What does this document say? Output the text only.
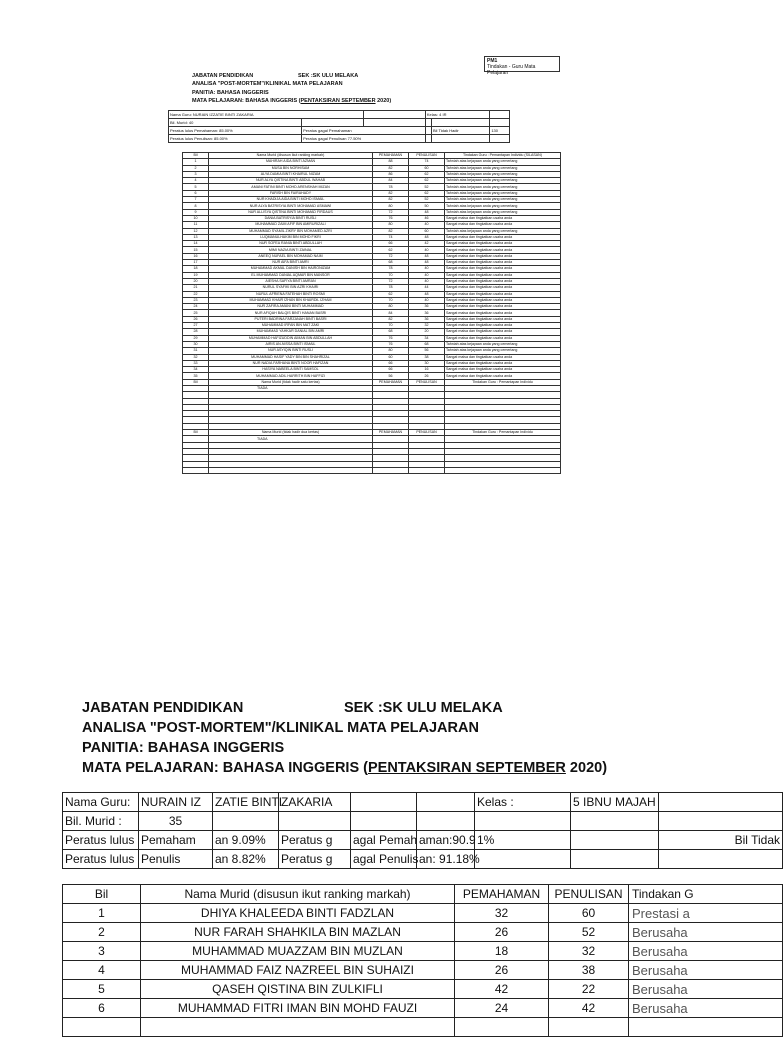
PM1
Tindakan - Guru Mata Pelajaran
JABATAN PENDIDIKAN	SEK :SK ULU MELAKA
ANALISA "POST-MORTEM"/KLINIKAL MATA PELAJARAN
PANITIA: BAHASA INGGERIS
MATA PELAJARAN: BAHASA INGGERIS (PENTAKSIRAN SEPTEMBER 2020)
Nama Guru: NURAIN IZZATIE BINTI ZAKARIA			Kelas: 4 IR		
Bil. Murid: 40					
Peratus lulus Pemahaman: 85.00%	Peratus gagal Pemahaman			Bil Tidak Hadir	130
Peratus lulus Penulisan: 85.00%	Peratus gagal Penulisan 77.50%				
Bil	Nama Murid (disusun ikut ranking markah)	PEMAHAMAN	PENULISAN	Tindakan Guru : Pemantapan Individu (SILASAN)
1	MAHIRAH AIDA BINTI AZMAN	88	74	Tahniah atas kejayaan anda yang cemerlang
2	MUSA BIN NORHISAM	82	60	Tahniah atas kejayaan anda yang cemerlang
3	ALYA DAMIA BINTI KHAIRUL NIZAM	86	62	Tahniah atas kejayaan anda yang cemerlang
4	NUR ALYA QISTINA BINTI ABDUL WAHAB	84	62	Tahniah atas kejayaan anda yang cemerlang
5	AMANI FATINI BINTI MOHD ARENSHAH MIZAN	78	52	Tahniah atas kejayaan anda yang cemerlang
6	FARISH BIN FAIRAHADY	82	62	Tahniah atas kejayaan anda yang cemerlang
7	NUR KHADIJA AIDA BINTI MOHD ISMAIL	82	52	Tahniah atas kejayaan anda yang cemerlang
8	NUR ALYA BATRISYIA BINTI MOHAMAD ASMAWI	80	50	Tahniah atas kejayaan anda yang cemerlang
9	NUR ALLISYA QISTINA BINTI MOHAMAD FIRDAUS	72	48	Tahniah atas kejayaan anda yang cemerlang
10	DANIA BATRISYIA BINTI RUSLI	76	46	Sangat maisa dan tingkatkan usaha anda
11	MUHAMMAD ZAIM AFIF BIN AMIRURIZALI	80	40	Sangat maisa dan tingkatkan usaha anda
12	MUHAMMAD SYAMIL ZIKRY BIN MOHAMED AZRI	82	60	Tahniah atas kejayaan anda yang cemerlang
13	LUQMANULHAKIM BIN MOHD FIKRI	74	48	Sangat maisa dan tingkatkan usaha anda
14	NUR SOFEA RANIA BINTI ABDULLAH	66	42	Sangat maisa dan tingkatkan usaha anda
15	MIMI NAZIA BINTI ZAINAL	62	40	Sangat maisa dan tingkatkan usaha anda
16	ANEEQ NUFAEL BIN MOHAMAD NAIM	72	48	Sangat maisa dan tingkatkan usaha anda
17	NUR AIFA BINTI AMRI	68	48	Sangat maisa dan tingkatkan usaha anda
18	MUHAMMAD AKMAL DANISH BIN HAIRONIZAM	78	40	Sangat maisa dan tingkatkan usaha anda
19	EL MUHAMMAD DANIAL AQMAR BIN MANSOR	70	40	Sangat maisa dan tingkatkan usaha anda
20	AIESHA SAFIYA BINTI AMRAN	72	40	Sangat maisa dan tingkatkan usaha anda
21	NURUL SYAFIKI BIN AZRI KHAIRI	78	44	Sangat maisa dan tingkatkan usaha anda
22	NURUL AFRIENA FATEHAH BINTI ROSMI	62	48	Sangat maisa dan tingkatkan usaha anda
23	MUHAMMAD KHAIR IZHAN BIN KHAIRDIL IZHAM	70	40	Sangat maisa dan tingkatkan usaha anda
24	NUR ZAFIRA AMANI BINTI MUHAMMAD	80	36	Sangat maisa dan tingkatkan usaha anda
25	NUR AFIQAH BALQIS BINTI HANAN BASRI	84	36	Sangat maisa dan tingkatkan usaha anda
26	PUTERI BADRINA FARZANAH BINTI BASRI	82	36	Sangat maisa dan tingkatkan usaha anda
27	MUHAMMAD IRFAN BIN MAT ZAKI	70	32	Sangat maisa dan tingkatkan usaha anda
28	MUHAMMAD YAHKAR DANIAL BIN AMRI	68	20	Sangat maisa dan tingkatkan usaha anda
29	MUHAMMAD HAFIZUDDIN AIMAN BIN ABDULLAH	76	34	Sangat maisa dan tingkatkan usaha anda
30	AIRIS AN-NISSA BINTI ISMAIL	76	68	Tahniah atas kejayaan anda yang cemerlang
31	NUR ASYIQIN BINTI RUSLI	80	56	Tahniah atas kejayaan anda yang cemerlang
32	MUHAMMAD HASIF YADY BIN BIN SHAHRIZAL	60	38	Sangat maisa dan tingkatkan usaha anda
33	NUR NADIA FARHANA BINTI NOOR HAFIZAN	66	30	Sangat maisa dan tingkatkan usaha anda
34	HASIYA NABEELA BINTI SAMSOL	66	16	Sangat maisa dan tingkatkan usaha anda
35	MUHAMMAD ADIL HARRITH BIN HAFFIZI	56	26	Sangat maisa dan tingkatkan usaha anda
Bil	Nama Murid (tidak hadir satu kertas)	PEMAHAMAN	PENULISAN	Tindakan Guru : Pemantapan Individu
	TIADA			

Bil	Nama Murid (tidak hadir dua kertas)	PEMAHAMAN	PENULISAN	Tindakan Guru : Pemantapan Individu
	TIADA			

JABATAN PENDIDIKAN	SEK :SK ULU MELAKA
ANALISA "POST-MORTEM"/KLINIKAL MATA PELAJARAN
PANITIA: BAHASA INGGERIS
MATA PELAJARAN: BAHASA INGGERIS (PENTAKSIRAN SEPTEMBER 2020)
Nama Guru:	NURAIN IZ	ZATIE BINTI	ZAKARIA			Kelas :	5 IBNU MAJAH	
Bil. Murid :	35							
Peratus lulus	Pemaham	an 9.09%	Peratus g	agal Pemah	aman:90.9	1%		Bil Tidak
Peratus lulus	Penulis	an 8.82%	Peratus g	agal Penulis	an: 91.18%			
Bil	Nama Murid (disusun ikut ranking markah)	PEMAHAMAN	PENULISAN	Tindakan G
1	DHIYA KHALEEDA BINTI FADZLAN	32	60	Prestasi a
2	NUR FARAH SHAHKILA BIN MAZLAN	26	52	Berusaha
3	MUHAMMAD MUAZZAM BIN MUZLAN	18	32	Berusaha
4	MUHAMMAD FAIZ NAZREEL BIN SUHAIZI	26	38	Berusaha
5	QASEH QISTINA BIN ZULKIFLI	42	22	Berusaha
6	MUHAMMAD FITRI IMAN BIN MOHD FAUZI	24	42	Berusaha
